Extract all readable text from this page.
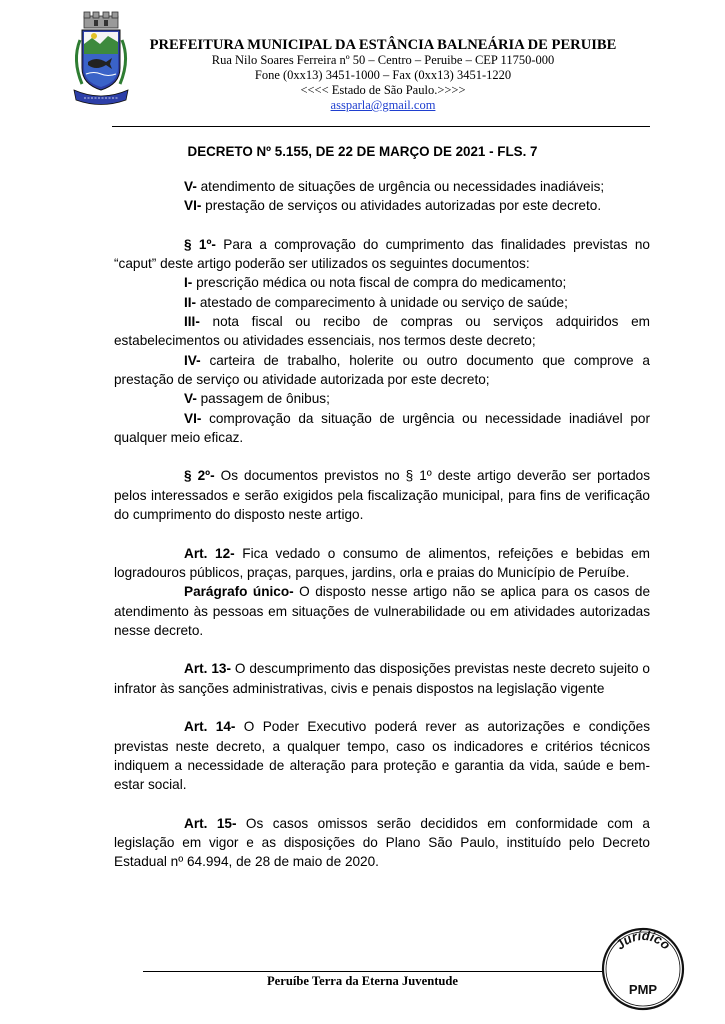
PREFEITURA MUNICIPAL DA ESTÂNCIA BALNEÁRIA DE PERUIBE
Rua Nilo Soares Ferreira nº 50 – Centro – Peruibe – CEP 11750-000
Fone (0xx13) 3451-1000 – Fax (0xx13) 3451-1220
<<<< Estado de São Paulo.>>>>
assparla@gmail.com
DECRETO Nº 5.155, DE 22 DE MARÇO DE 2021 - FLS. 7

V- atendimento de situações de urgência ou necessidades inadiáveis;

VI- prestação de serviços ou atividades autorizadas por este decreto.

§ 1º- Para a comprovação do cumprimento das finalidades previstas no “caput” deste artigo poderão ser utilizados os seguintes documentos:

I- prescrição médica ou nota fiscal de compra do medicamento;

II- atestado de comparecimento à unidade ou serviço de saúde;

III- nota fiscal ou recibo de compras ou serviços adquiridos em estabelecimentos ou atividades essenciais, nos termos deste decreto;

IV- carteira de trabalho, holerite ou outro documento que comprove a prestação de serviço ou atividade autorizada por este decreto;

V- passagem de ônibus;

VI- comprovação da situação de urgência ou necessidade inadiável por qualquer meio eficaz.

§ 2º- Os documentos previstos no § 1º deste artigo deverão ser portados pelos interessados e serão exigidos pela fiscalização municipal, para fins de verificação do cumprimento do disposto neste artigo.

Art. 12- Fica vedado o consumo de alimentos, refeições e bebidas em logradouros públicos, praças, parques, jardins, orla e praias do Município de Peruíbe.

Parágrafo único- O disposto nesse artigo não se aplica para os casos de atendimento às pessoas em situações de vulnerabilidade ou em atividades autorizadas nesse decreto.

Art. 13- O descumprimento das disposições previstas neste decreto sujeito o infrator às sanções administrativas, civis e penais dispostos na legislação vigente

Art. 14- O Poder Executivo poderá rever as autorizações e condições previstas neste decreto, a qualquer tempo, caso os indicadores e critérios técnicos indiquem a necessidade de alteração para proteção e garantia da vida, saúde e bem-estar social.

Art. 15- Os casos omissos serão decididos em conformidade com a legislação em vigor e as disposições do Plano São Paulo, instituído pelo Decreto Estadual nº 64.994, de 28 de maio de 2020.

Peruíbe Terra da Eterna Juventude
Jurídico
PMP
